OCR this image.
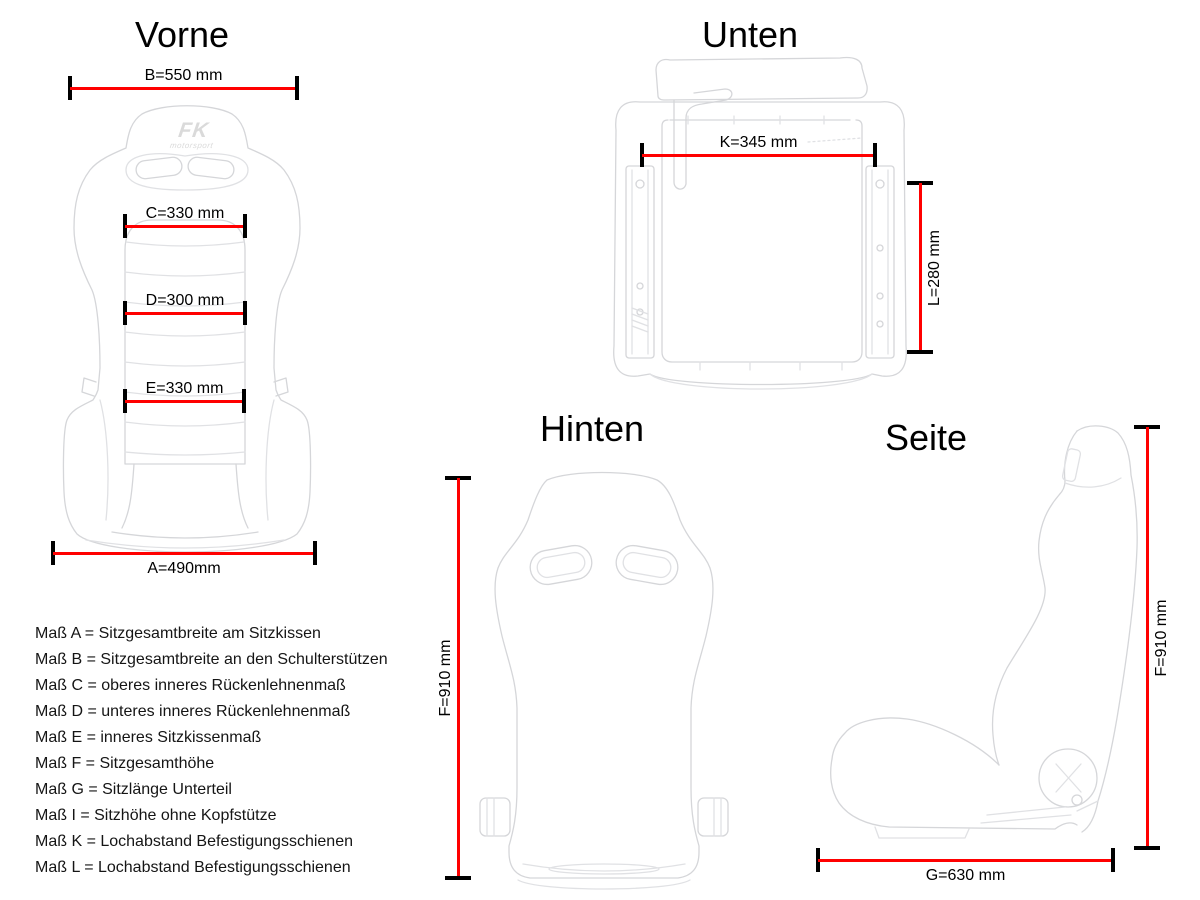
Vorne
FK
motorsport
B=550 mm
C=330 mm
D=300 mm
E=330 mm
A=490mm
Unten
K=345 mm
L=280 mm
Hinten
F=910 mm
Seite
F=910 mm
G=630 mm
Maß A = Sitzgesamtbreite am Sitzkissen
Maß B = Sitzgesamtbreite an den Schulterstützen
Maß C = oberes inneres Rückenlehnenmaß
Maß D = unteres inneres Rückenlehnenmaß
Maß E = inneres Sitzkissenmaß
Maß F = Sitzgesamthöhe
Maß G = Sitzlänge Unterteil
Maß I = Sitzhöhe ohne Kopfstütze
Maß K = Lochabstand Befestigungsschienen
Maß L = Lochabstand Befestigungsschienen
